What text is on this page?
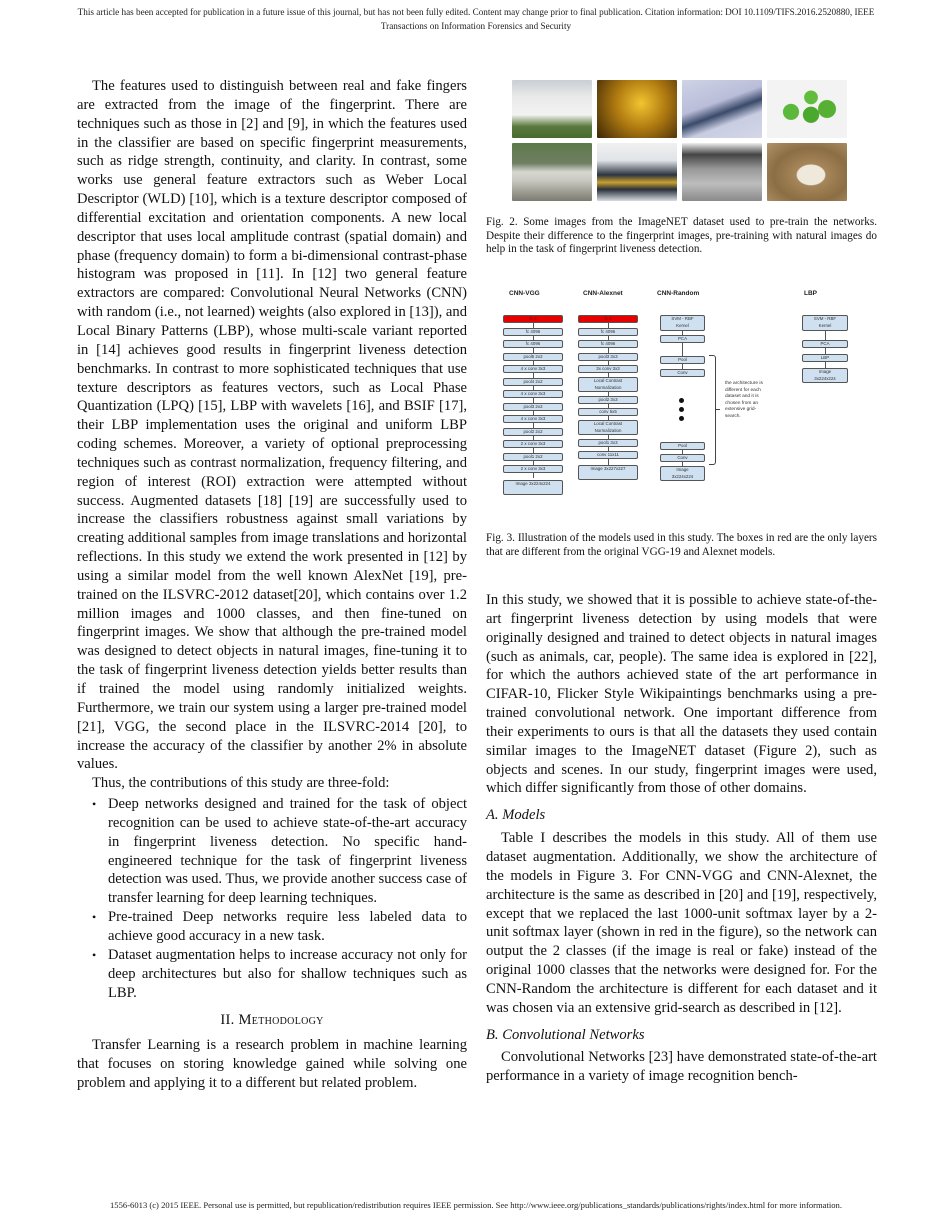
This article has been accepted for publication in a future issue of this journal, but has not been fully edited. Content may change prior to final publication. Citation information: DOI 10.1109/TIFS.2016.2520880, IEEE
Transactions on Information Forensics and Security

The features used to distinguish between real and fake fingers are extracted from the image of the fingerprint. There are techniques such as those in [2] and [9], in which the features used in the classifier are based on specific fingerprint measurements, such as ridge strength, continuity, and clarity. In contrast, some works use general feature extractors such as Weber Local Descriptor (WLD) [10], which is a texture descriptor composed of differential excitation and orientation components. A new local descriptor that uses local amplitude contrast (spatial domain) and phase (frequency domain) to form a bi-dimensional contrast-phase histogram was proposed in [11]. In [12] two general feature extractors are compared: Convolutional Neural Networks (CNN) with random (i.e., not learned) weights (also explored in [13]), and Local Binary Patterns (LBP), whose multi-scale variant reported in [14] achieves good results in fingerprint liveness detection benchmarks. In contrast to more sophisticated techniques that use texture descriptors as features vectors, such as Local Phase Quantization (LPQ) [15], LBP with wavelets [16], and BSIF [17], their LBP implementation uses the original and uniform LBP coding schemes. Moreover, a variety of optional preprocessing techniques such as contrast normalization, frequency filtering, and region of interest (ROI) extraction were attempted without success. Augmented datasets [18] [19] are successfully used to increase the classifiers robustness against small variations by creating additional samples from image translations and horizontal reflections. In this study we extend the work presented in [12] by using a similar model from the well known AlexNet [19], pre-trained on the ILSVRC-2012 dataset[20], which contains over 1.2 million images and 1000 classes, and then fine-tuned on fingerprint images. We show that although the pre-trained model was designed to detect objects in natural images, fine-tuning it to the task of fingerprint liveness detection yields better results than if trained the model using randomly initialized weights. Furthermore, we train our system using a larger pre-trained model [21], VGG, the second place in the ILSVRC-2014 [20], to increase the accuracy of the classifier by another 2% in absolute values.

Thus, the contributions of this study are three-fold:

• Deep networks designed and trained for the task of object recognition can be used to achieve state-of-the-art accuracy in fingerprint liveness detection. No specific hand-engineered technique for the task of fingerprint liveness detection was used. Thus, we provide another success case of transfer learning for deep learning techniques.
• Pre-trained Deep networks require less labeled data to achieve good accuracy in a new task.
• Dataset augmentation helps to increase accuracy not only for deep architectures but also for shallow techniques such as LBP.
II. Methodology

Transfer Learning is a research problem in machine learning that focuses on storing knowledge gained while solving one problem and applying it to a different but related problem.

Fig. 2. Some images from the ImageNET dataset used to pre-train the networks. Despite their difference to the fingerprint images, pre-training with natural images do help in the task of fingerprint liveness detection.
CNN-VGG	CNN-Alexnet	CNN-Random	LBP
fc 2
fc 4096
fc 4096
pool5 2x2
4 x conv 3x3
pool4 2x2
4 x conv 3x3
pool3 2x2
4 x conv 3x3
pool2 2x2
2 x conv 3x3
pool1 2x2
2 x conv 3x3
Image 3x224x224
fc 2
fc 4096
fc 4096
pool3 3x3
3x conv 3x3
Local Contrast Normalization
pool2 3x3
conv 5x5
Local Contrast Normalization
pool1 3x3
conv 11x11
Image 3x227x227
SVM - RBF Kernel
PCA
Pool
Conv
Pool
Conv
Image 3x224x224
the architecture is different for each dataset and it is chosen from an extensive grid-search.
SVM - RBF Kernel
PCA
LBP
Image 3x224x224
Fig. 3. Illustration of the models used in this study. The boxes in red are the only layers that are different from the original VGG-19 and Alexnet models.

In this study, we showed that it is possible to achieve state-of-the-art fingerprint liveness detection by using models that were originally designed and trained to detect objects in natural images (such as animals, car, people). The same idea is explored in [22], for which the authors achieved state of the art performance in CIFAR-10, Flicker Style Wikipaintings benchmarks using a pre-trained convolutional network. One important difference from their experiments to ours is that all the datasets they used contain similar images to the ImageNET dataset (Figure 2), such as objects and scenes. In our study, fingerprint images were used, which differ significantly from those of other domains.

A. Models

Table I describes the models in this study. All of them use dataset augmentation. Additionally, we show the architecture of the models in Figure 3. For CNN-VGG and CNN-Alexnet, the architecture is the same as described in [20] and [19], respectively, except that we replaced the last 1000-unit softmax layer by a 2-unit softmax layer (shown in red in the figure), so the network can output the 2 classes (if the image is real or fake) instead of the original 1000 classes that the networks were designed for. For the CNN-Random the architecture is different for each dataset and it was chosen via an extensive grid-search as described in [12].

B. Convolutional Networks

Convolutional Networks [23] have demonstrated state-of-the-art performance in a variety of image recognition bench-

1556-6013 (c) 2015 IEEE. Personal use is permitted, but republication/redistribution requires IEEE permission. See http://www.ieee.org/publications_standards/publications/rights/index.html for more information.
